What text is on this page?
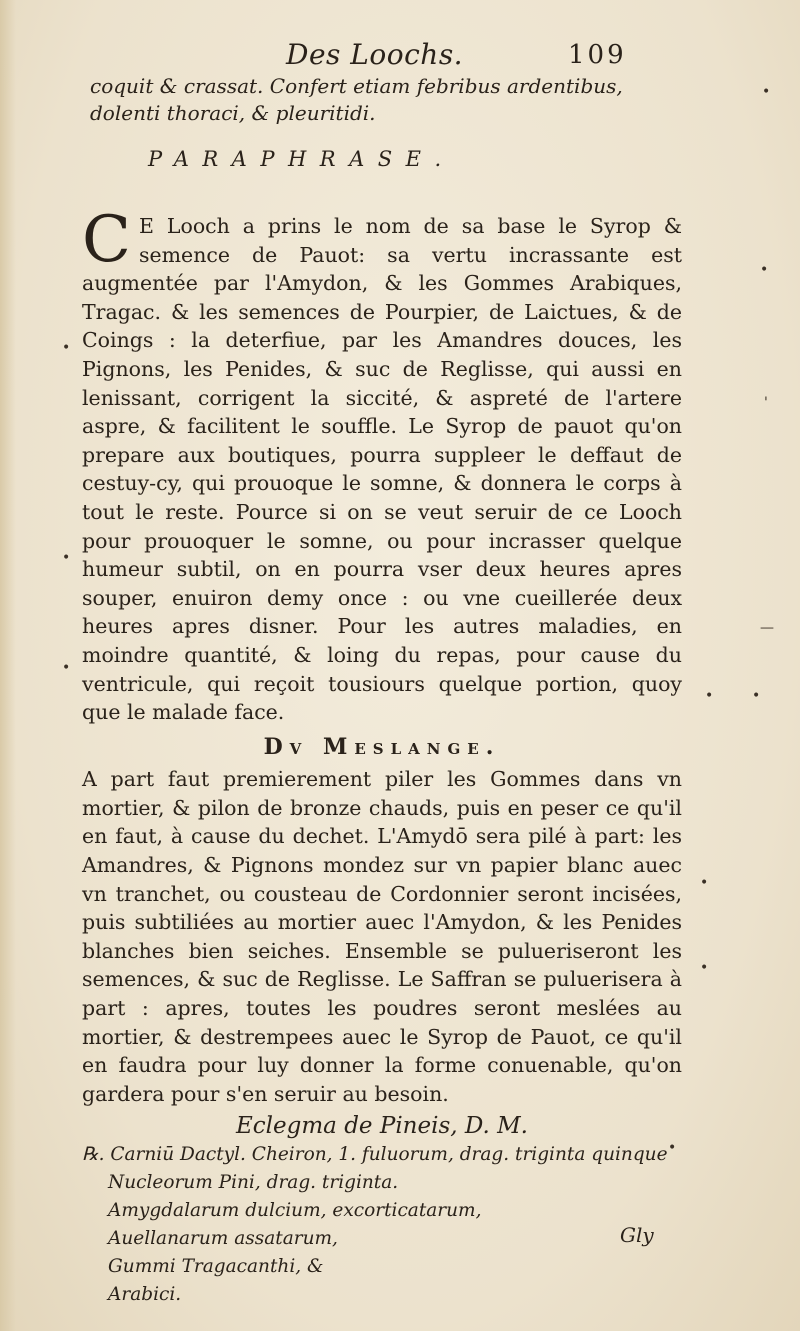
Des Loochs.	109
coquit & crassat. Confert etiam febribus ardentibus, dolenti thoraci, & pleuritidi.
PARAPHRASE.
C E Looch a prins le nom de sa base le Syrop & semence de Pauot: sa vertu incrassante est augmentée par l'Amydon, & les Gommes Arabiques, Tragac. & les semences de Pourpier, de Laictues, & de Coings : la deterfiue, par les Amandres douces, les Pignons, les Penides, & suc de Reglisse, qui aussi en lenissant, corrigent la siccité, & aspreté de l'artere aspre, & facilitent le souffle. Le Syrop de pauot qu'on prepare aux boutiques, pourra suppleer le deffaut de cestuy-cy, qui prouoque le somne, & donnera le corps à tout le reste. Pource si on se veut seruir de ce Looch pour prouoquer le somne, ou pour incrasser quelque humeur subtil, on en pourra vser deux heures apres souper, enuiron demy once : ou vne cueillerée deux heures apres disner. Pour les autres maladies, en moindre quantité, & loing du repas, pour cause du ventricule, qui reçoit tousiours quelque portion, quoy que le malade face.
Dv Meslange.
A part faut premierement piler les Gommes dans vn mortier, & pilon de bronze chauds, puis en peser ce qu'il en faut, à cause du dechet. L'Amydō sera pilé à part: les Amandres, & Pignons mondez sur vn papier blanc auec vn tranchet, ou cousteau de Cordonnier seront incisées, puis subtiliées au mortier auec l'Amydon, & les Penides blanches bien seiches. Ensemble se pulueriseront les semences, & suc de Reglisse. Le Saffran se puluerisera à part : apres, toutes les poudres seront meslées au mortier, & destrempees auec le Syrop de Pauot, ce qu'il en faudra pour luy donner la forme conuenable, qu'on gardera pour s'en seruir au besoin.
Eclegma de Pineis, D. M.
℞. Carniū Dactyl. Cheiron, 1. fuluorum, drag. triginta quinque
Nucleorum Pini, drag. triginta.
Amygdalarum dulcium, excorticatarum,
Auellanarum assatarum,
Gummi Tragacanthi, &
Arabici.
Gly
•
•
'
•
•
—
•
•	•
•
•
•
